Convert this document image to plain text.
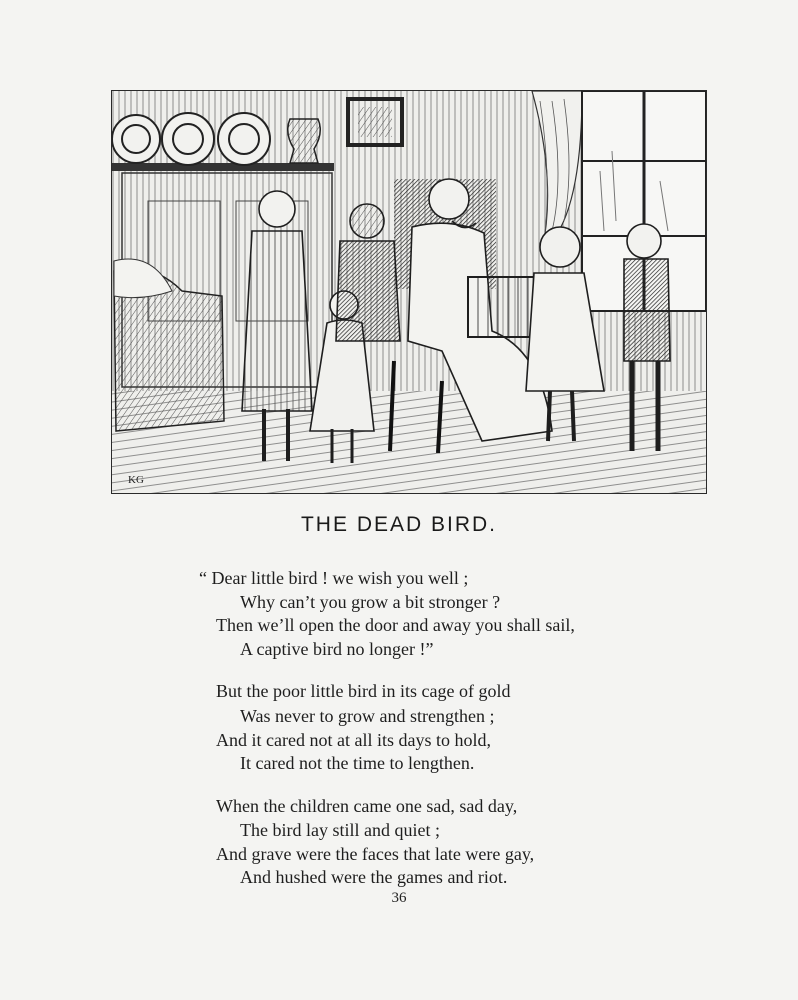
KG
THE DEAD BIRD.
“ Dear little bird ! we wish you well ;
Why can’t you grow a bit stronger ?
Then we’ll open the door and away you shall sail,
A captive bird no longer !”
But the poor little bird in its cage of gold
Was never to grow and strengthen ;
And it cared not at all its days to hold,
It cared not the time to lengthen.
When the children came one sad, sad day,
The bird lay still and quiet ;
And grave were the faces that late were gay,
And hushed were the games and riot.
36
